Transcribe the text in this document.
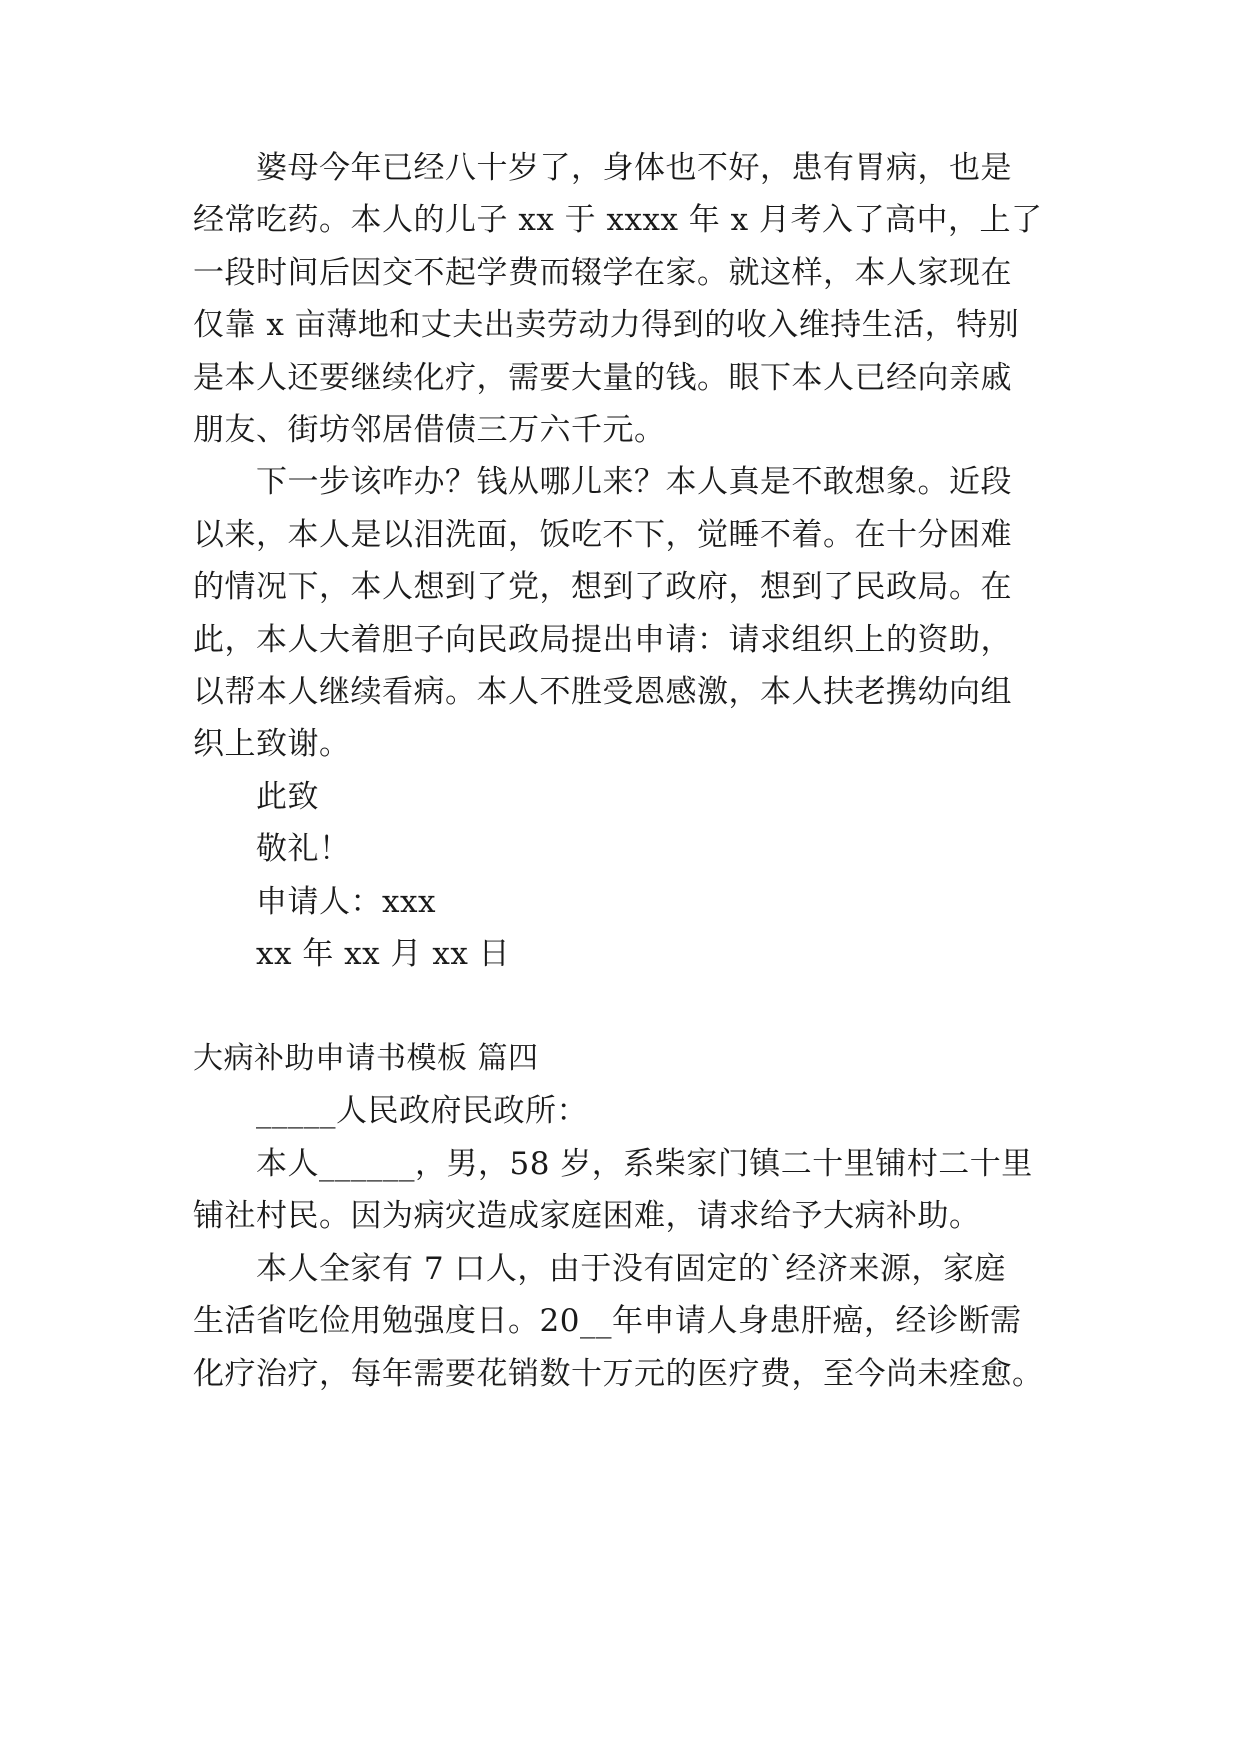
婆母今年已经八十岁了，身体也不好，患有胃病，也是
经常吃药。本人的儿子 xx 于 xxxx 年 x 月考入了高中，上了
一段时间后因交不起学费而辍学在家。就这样，本人家现在
仅靠 x 亩薄地和丈夫出卖劳动力得到的收入维持生活，特别
是本人还要继续化疗，需要大量的钱。眼下本人已经向亲戚
朋友、街坊邻居借债三万六千元。
下一步该咋办？钱从哪儿来？本人真是不敢想象。近段
以来，本人是以泪洗面，饭吃不下，觉睡不着。在十分困难
的情况下，本人想到了党，想到了政府，想到了民政局。在
此，本人大着胆子向民政局提出申请：请求组织上的资助，
以帮本人继续看病。本人不胜受恩感激，本人扶老携幼向组
织上致谢。
此致
敬礼！
申请人：xxx
xx 年 xx 月 xx 日
大病补助申请书模板 篇四
_____人民政府民政所：
本人______，男，58 岁，系柴家门镇二十里铺村二十里
铺社村民。因为病灾造成家庭困难，请求给予大病补助。
本人全家有 7 口人，由于没有固定的`经济来源，家庭
生活省吃俭用勉强度日。20__年申请人身患肝癌，经诊断需
化疗治疗，每年需要花销数十万元的医疗费，至今尚未痊愈。
